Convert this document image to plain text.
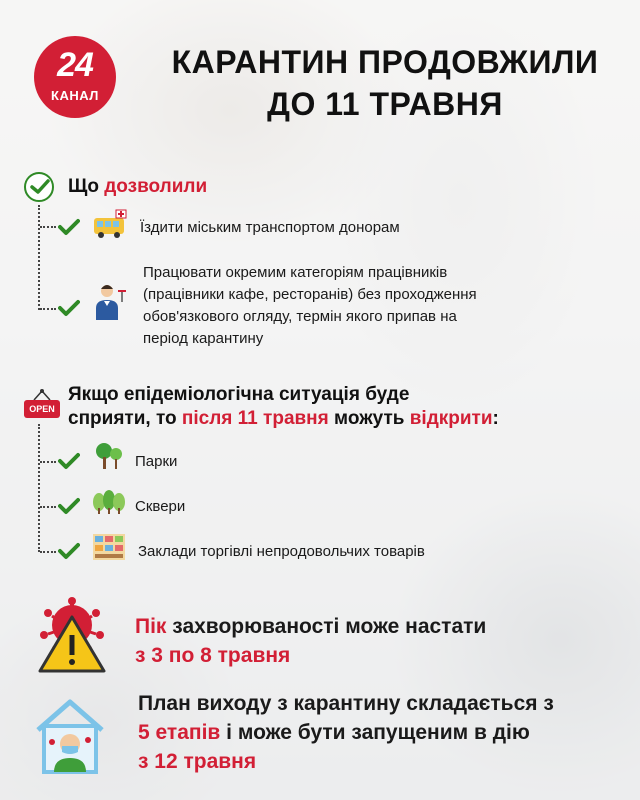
24
КАНАЛ
КАРАНТИН ПРОДОВЖИЛИ
ДО 11 ТРАВНЯ
Що дозволили
Їздити міським транспортом донорам
Працювати окремим категоріям працівників
(працівники кафе, ресторанів) без проходження
обов'язкового огляду, термін якого припав на
період карантину
OPEN
Якщо епідеміологічна ситуація буде
сприяти, то після 11 травня можуть відкрити:
Парки
Сквери
Заклади торгівлі непродовольчих товарів
Пік захворюваності може настати
з 3 по 8 травня
План виходу з карантину складається з
5 етапів і може бути запущеним в дію
з 12 травня
